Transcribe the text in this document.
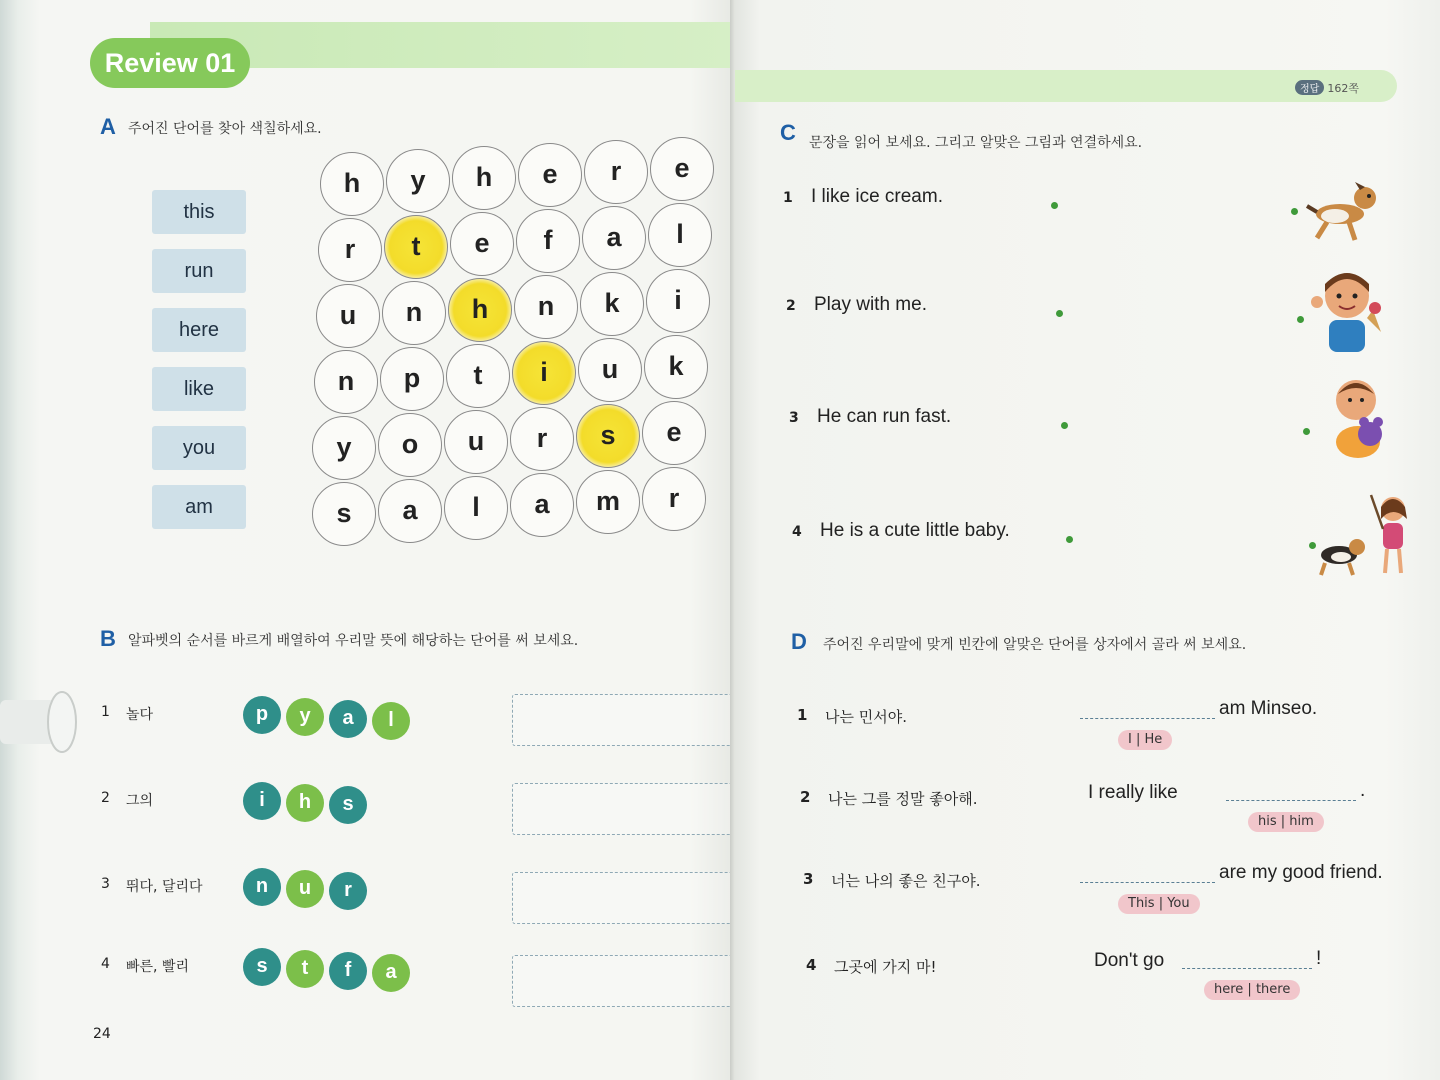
Review 01
A 주어진 단어를 찾아 색칠하세요.
this
run
here
like
you
am
h	y	h	e	r	e
r	t	e	f	a	l
u	n	h	n	k	i
n	p	t	i	u	k
y	o	u	r	s	e
s	a	l	a	m	r
B 알파벳의 순서를 바르게 배열하여 우리말 뜻에 해당하는 단어를 써 보세요.
1 놀다	p	y	a	l
2 그의	i	h	s
3 뛰다, 달리다	n	u	r
4 빠른, 빨리	s	t	f	a
24
정답 162쪽
C 문장을 읽어 보세요. 그리고 알맞은 그림과 연결하세요.
1 I like ice cream.
2 Play with me.
3 He can run fast.
4 He is a cute little baby.
D 주어진 우리말에 맞게 빈칸에 알맞은 단어를 상자에서 골라 써 보세요.
1 나는 민서야.	am Minseo.
I | He
2 나는 그를 정말 좋아해.	I really like	.
his | him
3 너는 나의 좋은 친구야.	are my good friend.
This | You
4 그곳에 가지 마!	Don't go	!
here | there
